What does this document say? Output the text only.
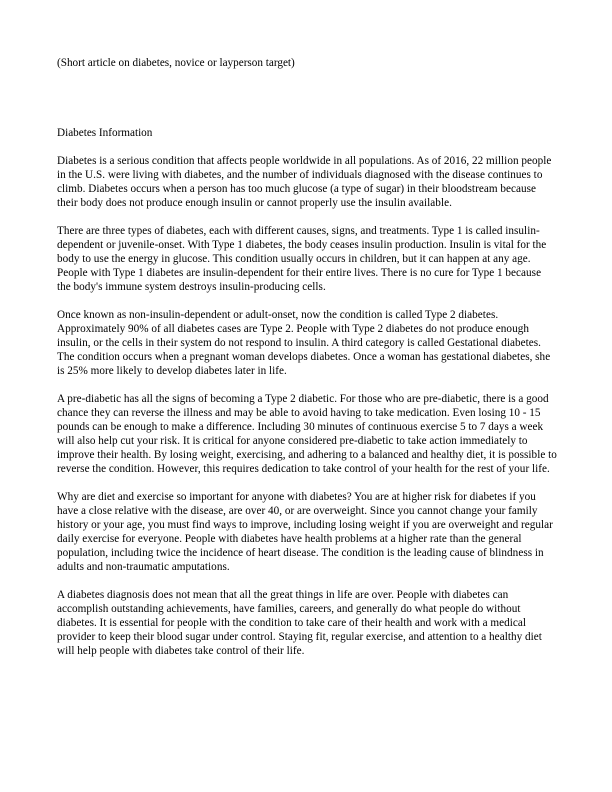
(Short article on diabetes, novice or layperson target)

Diabetes Information

Diabetes is a serious condition that affects people worldwide in all populations. As of 2016, 22 million people in the U.S. were living with diabetes, and the number of individuals diagnosed with the disease continues to climb. Diabetes occurs when a person has too much glucose (a type of sugar) in their bloodstream because their body does not produce enough insulin or cannot properly use the insulin available.

There are three types of diabetes, each with different causes, signs, and treatments. Type 1 is called insulin-dependent or juvenile-onset. With Type 1 diabetes, the body ceases insulin production. Insulin is vital for the body to use the energy in glucose. This condition usually occurs in children, but it can happen at any age. People with Type 1 diabetes are insulin-dependent for their entire lives. There is no cure for Type 1 because the body's immune system destroys insulin-producing cells.

Once known as non-insulin-dependent or adult-onset, now the condition is called Type 2 diabetes. Approximately 90% of all diabetes cases are Type 2. People with Type 2 diabetes do not produce enough insulin, or the cells in their system do not respond to insulin. A third category is called Gestational diabetes. The condition occurs when a pregnant woman develops diabetes. Once a woman has gestational diabetes, she is 25% more likely to develop diabetes later in life.

A pre-diabetic has all the signs of becoming a Type 2 diabetic. For those who are pre-diabetic, there is a good chance they can reverse the illness and may be able to avoid having to take medication. Even losing 10 - 15 pounds can be enough to make a difference. Including 30 minutes of continuous exercise 5 to 7 days a week will also help cut your risk. It is critical for anyone considered pre-diabetic to take action immediately to improve their health. By losing weight, exercising, and adhering to a balanced and healthy diet, it is possible to reverse the condition. However, this requires dedication to take control of your health for the rest of your life.

Why are diet and exercise so important for anyone with diabetes? You are at higher risk for diabetes if you have a close relative with the disease, are over 40, or are overweight. Since you cannot change your family history or your age, you must find ways to improve, including losing weight if you are overweight and regular daily exercise for everyone. People with diabetes have health problems at a higher rate than the general population, including twice the incidence of heart disease. The condition is the leading cause of blindness in adults and non-traumatic amputations.

A diabetes diagnosis does not mean that all the great things in life are over. People with diabetes can accomplish outstanding achievements, have families, careers, and generally do what people do without diabetes. It is essential for people with the condition to take care of their health and work with a medical provider to keep their blood sugar under control. Staying fit, regular exercise, and attention to a healthy diet will help people with diabetes take control of their life.
